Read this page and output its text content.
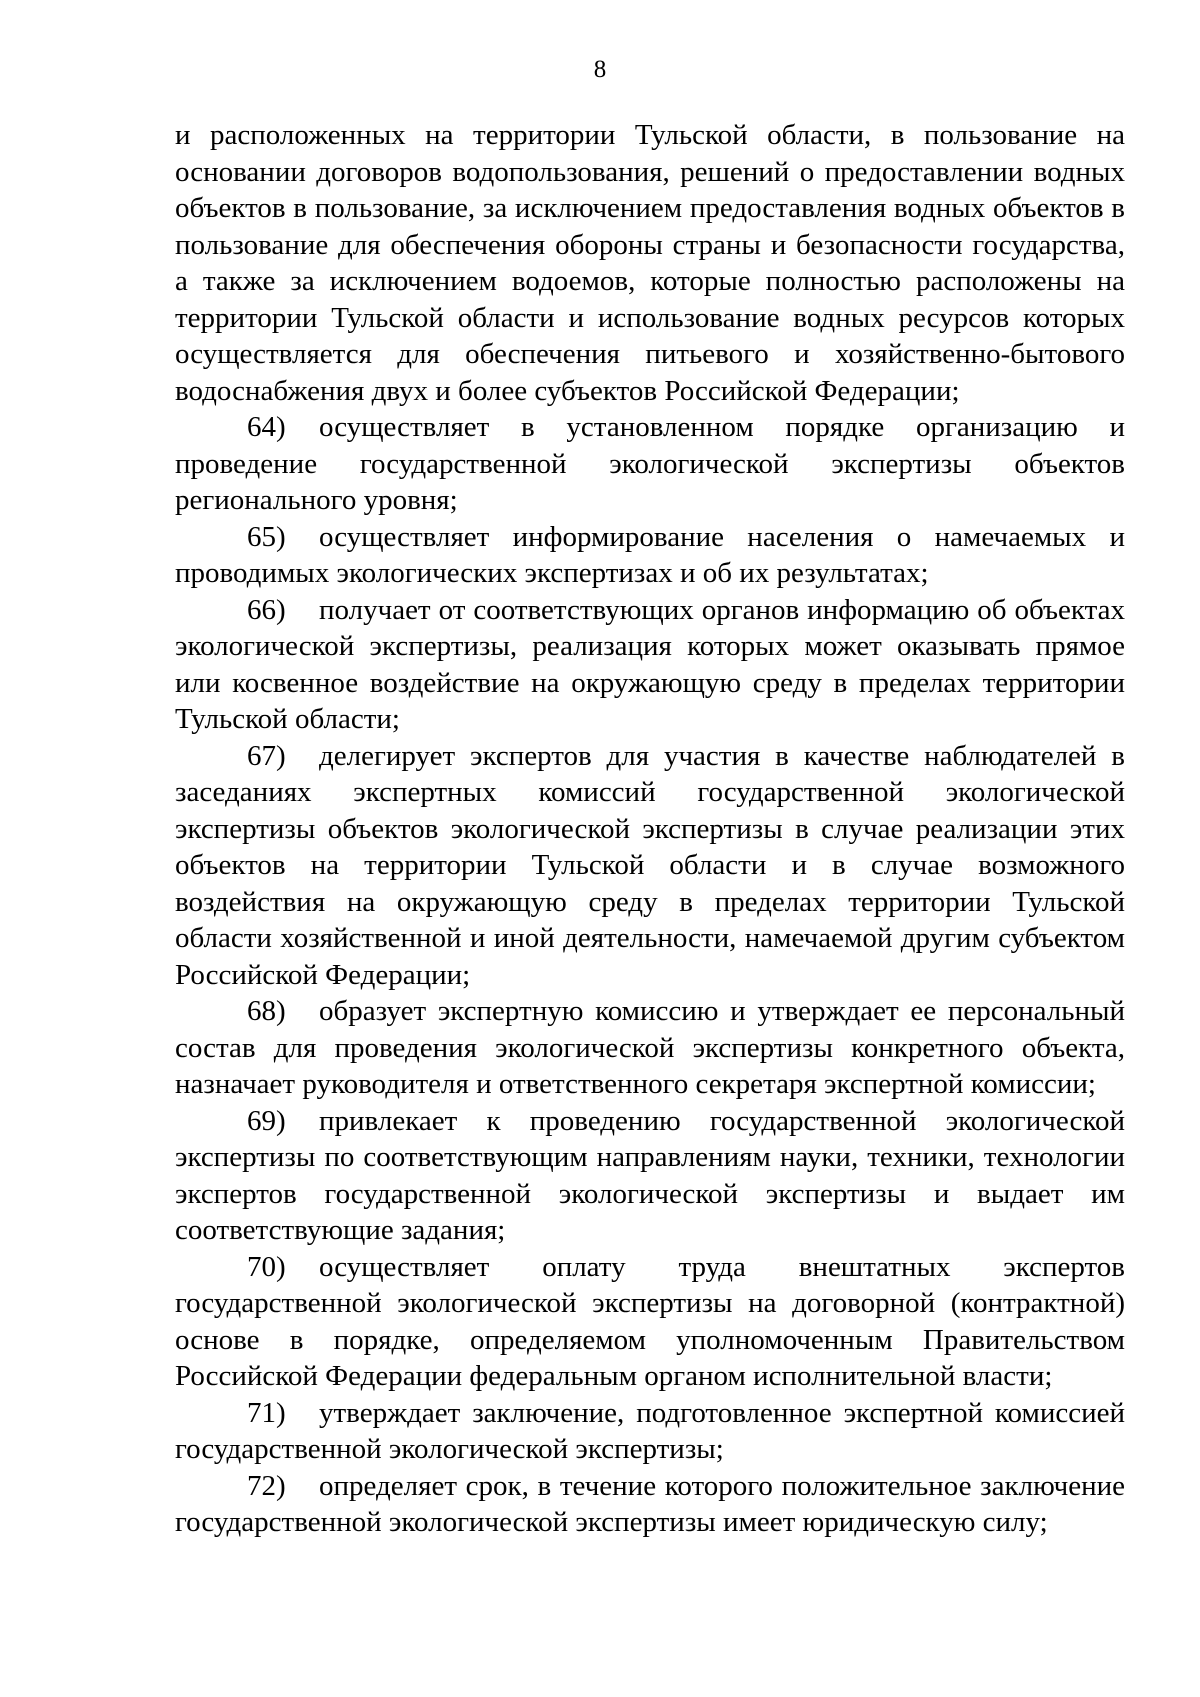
8

и расположенных на территории Тульской области, в пользование на основании договоров водопользования, решений о предоставлении водных объектов в пользование, за исключением предоставления водных объектов в пользование для обеспечения обороны страны и безопасности государства, а также за исключением водоемов, которые полностью расположены на территории Тульской области и использование водных ресурсов которых осуществляется для обеспечения питьевого и хозяйственно-бытового водоснабжения двух и более субъектов Российской Федерации;

64) осуществляет в установленном порядке организацию и проведение государственной экологической экспертизы объектов регионального уровня;

65) осуществляет информирование населения о намечаемых и проводимых экологических экспертизах и об их результатах;

66) получает от соответствующих органов информацию об объектах экологической экспертизы, реализация которых может оказывать прямое или косвенное воздействие на окружающую среду в пределах территории Тульской области;

67) делегирует экспертов для участия в качестве наблюдателей в заседаниях экспертных комиссий государственной экологической экспертизы объектов экологической экспертизы в случае реализации этих объектов на территории Тульской области и в случае возможного воздействия на окружающую среду в пределах территории Тульской области хозяйственной и иной деятельности, намечаемой другим субъектом Российской Федерации;

68) образует экспертную комиссию и утверждает ее персональный состав для проведения экологической экспертизы конкретного объекта, назначает руководителя и ответственного секретаря экспертной комиссии;

69) привлекает к проведению государственной экологической экспертизы по соответствующим направлениям науки, техники, технологии экспертов государственной экологической экспертизы и выдает им соответствующие задания;

70) осуществляет оплату труда внештатных экспертов государственной экологической экспертизы на договорной (контрактной) основе в порядке, определяемом уполномоченным Правительством Российской Федерации федеральным органом исполнительной власти;

71) утверждает заключение, подготовленное экспертной комиссией государственной экологической экспертизы;

72) определяет срок, в течение которого положительное заключение государственной экологической экспертизы имеет юридическую силу;
